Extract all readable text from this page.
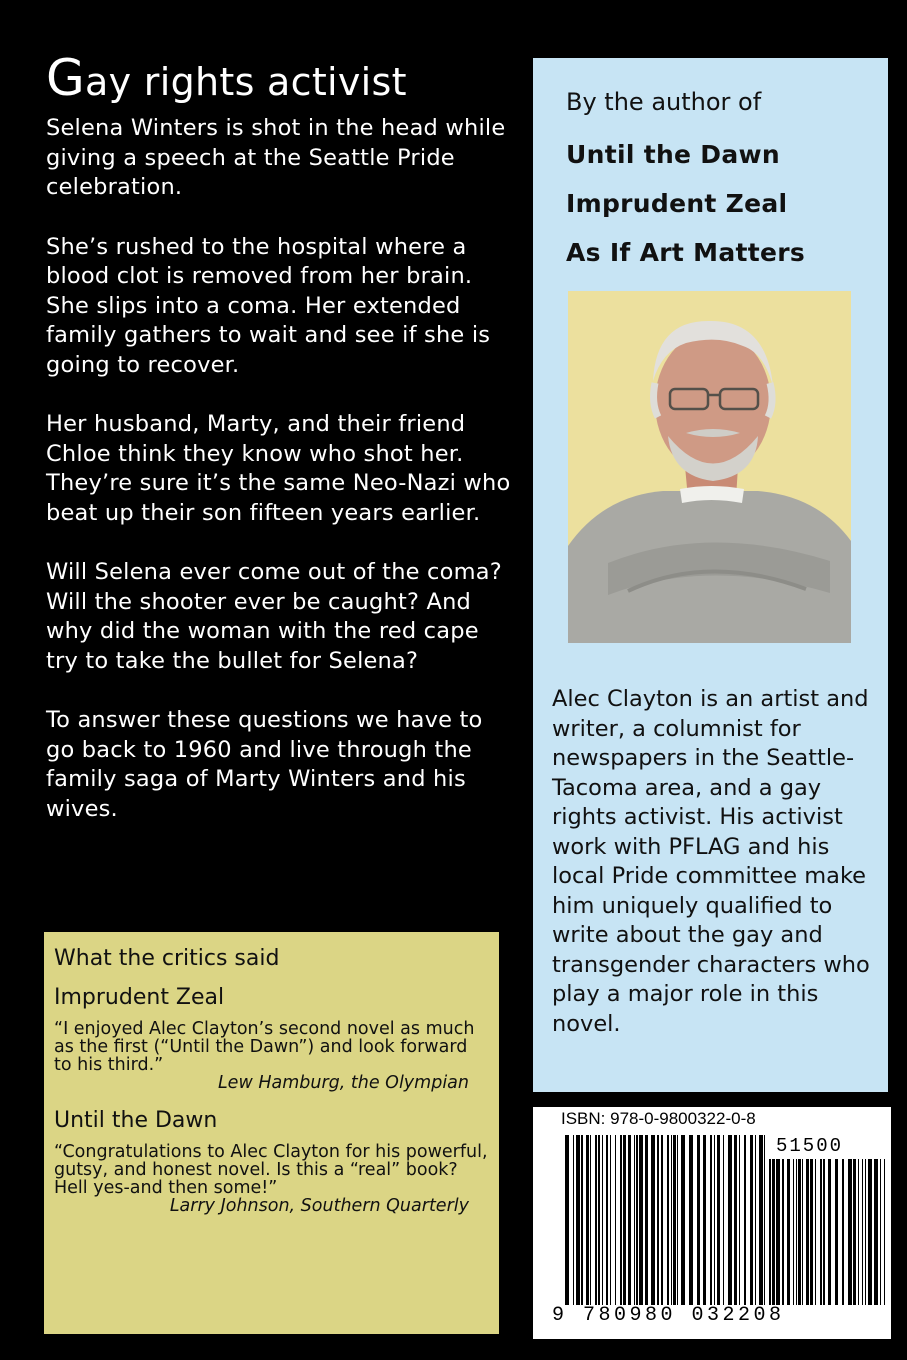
Gay rights activist

Selena Winters is shot in the head while giving a speech at the Seattle Pride celebration.

She’s rushed to the hospital where a blood clot is removed from her brain. She slips into a coma. Her extended family gathers to wait and see if she is going to recover.

Her husband, Marty, and their friend Chloe think they know who shot her. They’re sure it’s the same Neo-Nazi who beat up their son fifteen years earlier.

Will Selena ever come out of the coma? Will the shooter ever be caught? And why did the woman with the red cape try to take the bullet for Selena?

To answer these questions we have to go back to 1960 and live through the family saga of Marty Winters and his wives.

What the critics said
Imprudent Zeal

“I enjoyed Alec Clayton’s second novel as much as the first (“Until the Dawn”) and look forward to his third.”

Lew Hamburg, the Olympian

Until the Dawn

“Congratulations to Alec Clayton for his powerful, gutsy, and honest novel. Is this a “real” book? Hell yes-and then some!”

Larry Johnson, Southern Quarterly

By the author of
Until the Dawn
Imprudent Zeal
As If Art Matters
Alec Clayton is an artist and writer, a columnist for newspapers in the Seattle-Tacoma area, and a gay rights activist. His activist work with PFLAG and his local Pride committee make him uniquely qualified to write about the gay and transgender characters who play a major role in this novel.
ISBN: 978-0-9800322-0-8
51500
9 780980 032208
